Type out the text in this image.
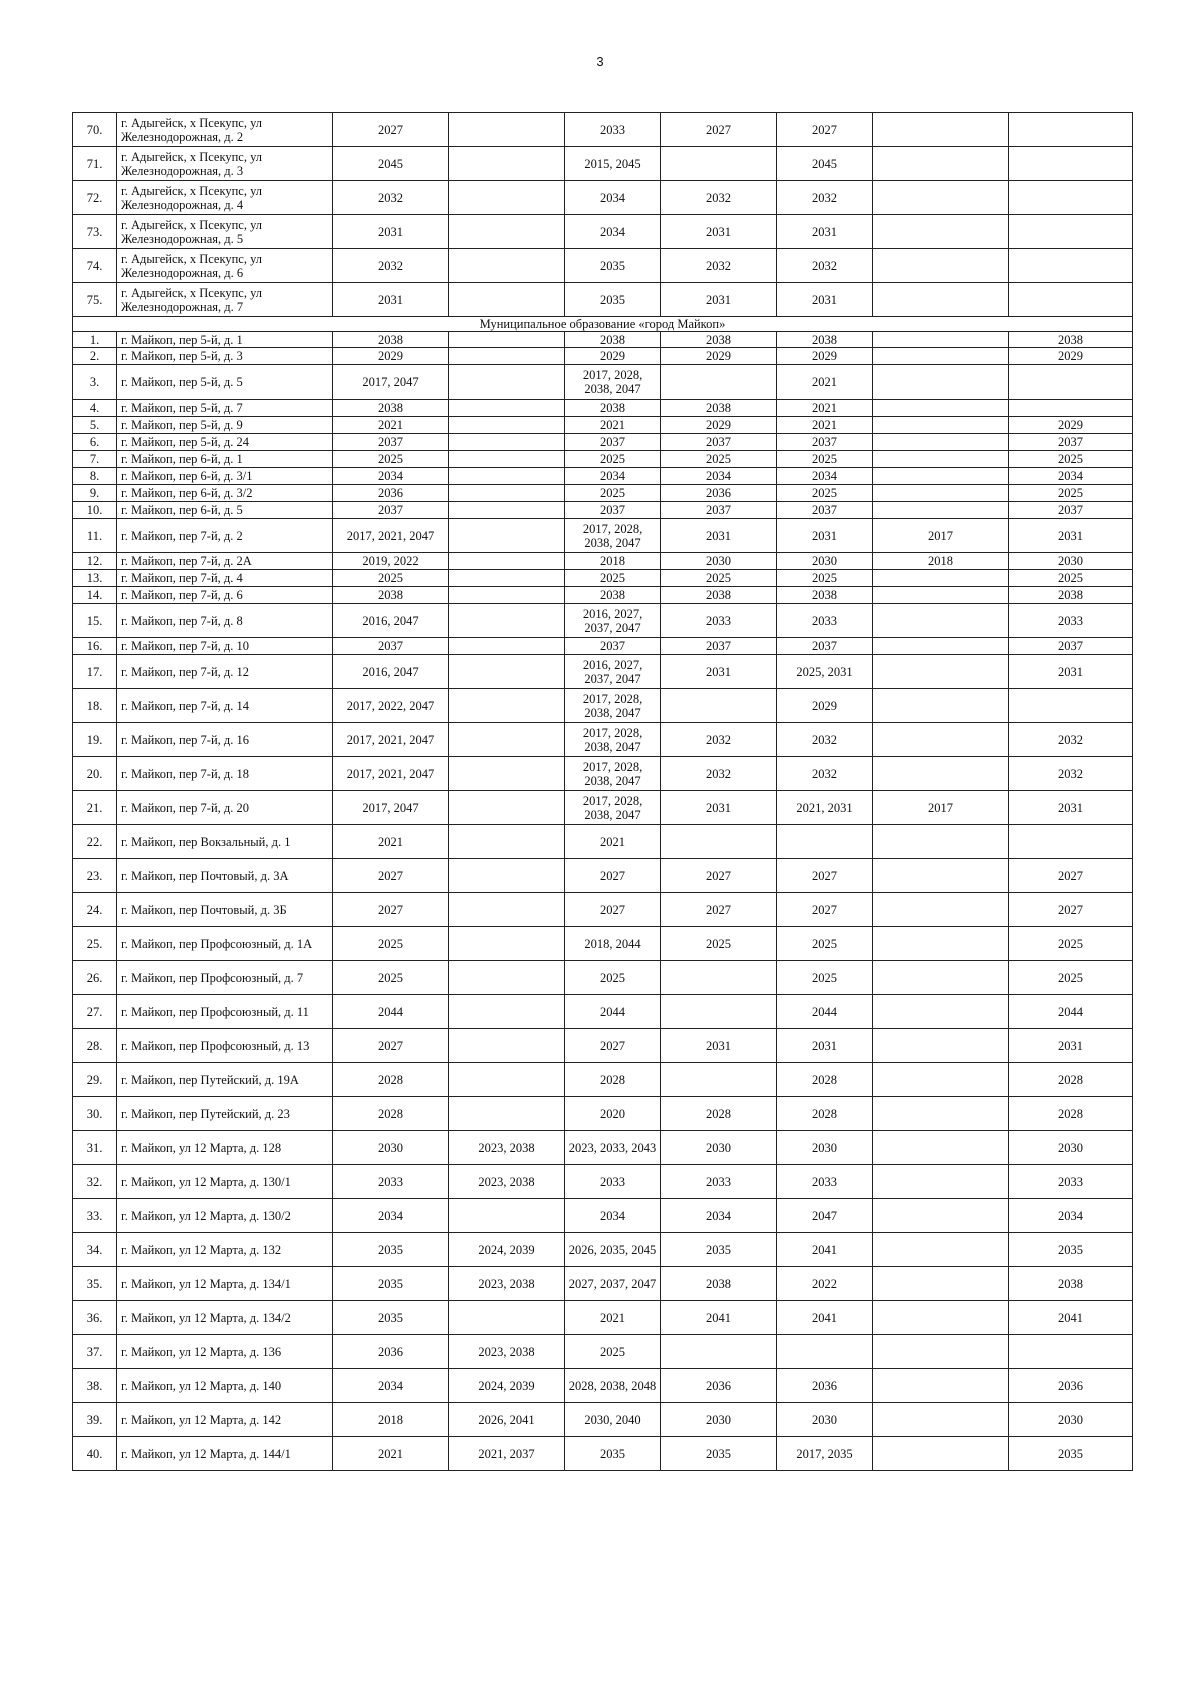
3
70.	г. Адыгейск, х Псекупс, ул Железнодорожная, д. 2	2027		2033	2027	2027		
71.	г. Адыгейск, х Псекупс, ул Железнодорожная, д. 3	2045		2015, 2045		2045		
72.	г. Адыгейск, х Псекупс, ул Железнодорожная, д. 4	2032		2034	2032	2032		
73.	г. Адыгейск, х Псекупс, ул Железнодорожная, д. 5	2031		2034	2031	2031		
74.	г. Адыгейск, х Псекупс, ул Железнодорожная, д. 6	2032		2035	2032	2032		
75.	г. Адыгейск, х Псекупс, ул Железнодорожная, д. 7	2031		2035	2031	2031		
Муниципальное образование «город Майкоп»								
1.	г. Майкоп, пер 5-й, д. 1	2038		2038	2038	2038		2038
2.	г. Майкоп, пер 5-й, д. 3	2029		2029	2029	2029		2029
3.	г. Майкоп, пер 5-й, д. 5	2017, 2047		2017, 2028, 2038, 2047		2021		
4.	г. Майкоп, пер 5-й, д. 7	2038		2038	2038	2021		
5.	г. Майкоп, пер 5-й, д. 9	2021		2021	2029	2021		2029
6.	г. Майкоп, пер 5-й, д. 24	2037		2037	2037	2037		2037
7.	г. Майкоп, пер 6-й, д. 1	2025		2025	2025	2025		2025
8.	г. Майкоп, пер 6-й, д. 3/1	2034		2034	2034	2034		2034
9.	г. Майкоп, пер 6-й, д. 3/2	2036		2025	2036	2025		2025
10.	г. Майкоп, пер 6-й, д. 5	2037		2037	2037	2037		2037
11.	г. Майкоп, пер 7-й, д. 2	2017, 2021, 2047		2017, 2028, 2038, 2047	2031	2031	2017	2031
12.	г. Майкоп, пер 7-й, д. 2А	2019, 2022		2018	2030	2030	2018	2030
13.	г. Майкоп, пер 7-й, д. 4	2025		2025	2025	2025		2025
14.	г. Майкоп, пер 7-й, д. 6	2038		2038	2038	2038		2038
15.	г. Майкоп, пер 7-й, д. 8	2016, 2047		2016, 2027, 2037, 2047	2033	2033		2033
16.	г. Майкоп, пер 7-й, д. 10	2037		2037	2037	2037		2037
17.	г. Майкоп, пер 7-й, д. 12	2016, 2047		2016, 2027, 2037, 2047	2031	2025, 2031		2031
18.	г. Майкоп, пер 7-й, д. 14	2017, 2022, 2047		2017, 2028, 2038, 2047		2029		
19.	г. Майкоп, пер 7-й, д. 16	2017, 2021, 2047		2017, 2028, 2038, 2047	2032	2032		2032
20.	г. Майкоп, пер 7-й, д. 18	2017, 2021, 2047		2017, 2028, 2038, 2047	2032	2032		2032
21.	г. Майкоп, пер 7-й, д. 20	2017, 2047		2017, 2028, 2038, 2047	2031	2021, 2031	2017	2031
22.	г. Майкоп, пер Вокзальный, д. 1	2021		2021				
23.	г. Майкоп, пер Почтовый, д. 3А	2027		2027	2027	2027		2027
24.	г. Майкоп, пер Почтовый, д. 3Б	2027		2027	2027	2027		2027
25.	г. Майкоп, пер Профсоюзный, д. 1А	2025		2018, 2044	2025	2025		2025
26.	г. Майкоп, пер Профсоюзный, д. 7	2025		2025		2025		2025
27.	г. Майкоп, пер Профсоюзный, д. 11	2044		2044		2044		2044
28.	г. Майкоп, пер Профсоюзный, д. 13	2027		2027	2031	2031		2031
29.	г. Майкоп, пер Путейский, д. 19А	2028		2028		2028		2028
30.	г. Майкоп, пер Путейский, д. 23	2028		2020	2028	2028		2028
31.	г. Майкоп, ул 12 Марта, д. 128	2030	2023, 2038	2023, 2033, 2043	2030	2030		2030
32.	г. Майкоп, ул 12 Марта, д. 130/1	2033	2023, 2038	2033	2033	2033		2033
33.	г. Майкоп, ул 12 Марта, д. 130/2	2034		2034	2034	2047		2034
34.	г. Майкоп, ул 12 Марта, д. 132	2035	2024, 2039	2026, 2035, 2045	2035	2041		2035
35.	г. Майкоп, ул 12 Марта, д. 134/1	2035	2023, 2038	2027, 2037, 2047	2038	2022		2038
36.	г. Майкоп, ул 12 Марта, д. 134/2	2035		2021	2041	2041		2041
37.	г. Майкоп, ул 12 Марта, д. 136	2036	2023, 2038	2025				
38.	г. Майкоп, ул 12 Марта, д. 140	2034	2024, 2039	2028, 2038, 2048	2036	2036		2036
39.	г. Майкоп, ул 12 Марта, д. 142	2018	2026, 2041	2030, 2040	2030	2030		2030
40.	г. Майкоп, ул 12 Марта, д. 144/1	2021	2021, 2037	2035	2035	2017, 2035		2035
